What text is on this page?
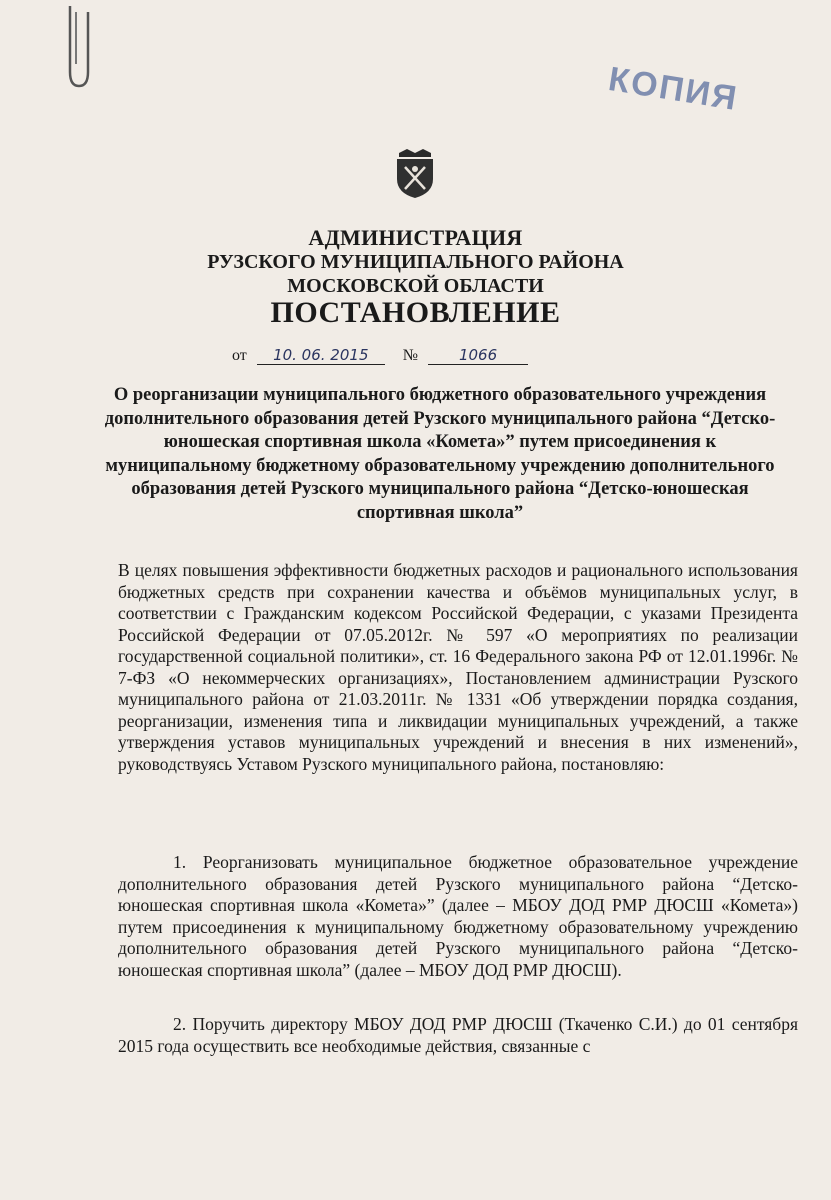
КОПИЯ
АДМИНИСТРАЦИЯ
РУЗСКОГО МУНИЦИПАЛЬНОГО РАЙОНА
МОСКОВСКОЙ ОБЛАСТИ
ПОСТАНОВЛЕНИЕ
от 10. 06. 2015 №	1066
О реорганизации муниципального бюджетного образовательного учреждения дополнительного образования детей Рузского муниципального района “Детско-юношеская спортивная школа «Комета»” путем присоединения к муниципальному бюджетному образовательному учреждению дополнительного образования детей Рузского муниципального района “Детско-юношеская спортивная школа”
В целях повышения эффективности бюджетных расходов и рационального использования бюджетных средств при сохранении качества и объёмов муниципальных услуг, в соответствии с Гражданским кодексом Российской Федерации, с указами Президента Российской Федерации от 07.05.2012г. № 597 «О мероприятиях по реализации государственной социальной политики», ст. 16 Федерального закона РФ от 12.01.1996г. № 7-ФЗ «О некоммерческих организациях», Постановлением администрации Рузского муниципального района от 21.03.2011г. № 1331 «Об утверждении порядка создания, реорганизации, изменения типа и ликвидации муниципальных учреждений, а также утверждения уставов муниципальных учреждений и внесения в них изменений», руководствуясь Уставом Рузского муниципального района, постановляю:
1. Реорганизовать муниципальное бюджетное образовательное учреждение дополнительного образования детей Рузского муниципального района “Детско-юношеская спортивная школа «Комета»” (далее – МБОУ ДОД РМР ДЮСШ «Комета») путем присоединения к муниципальному бюджетному образовательному учреждению дополнительного образования детей Рузского муниципального района “Детско-юношеская спортивная школа” (далее – МБОУ ДОД РМР ДЮСШ).
2. Поручить директору МБОУ ДОД РМР ДЮСШ (Ткаченко С.И.) до 01 сентября 2015 года осуществить все необходимые действия, связанные с
